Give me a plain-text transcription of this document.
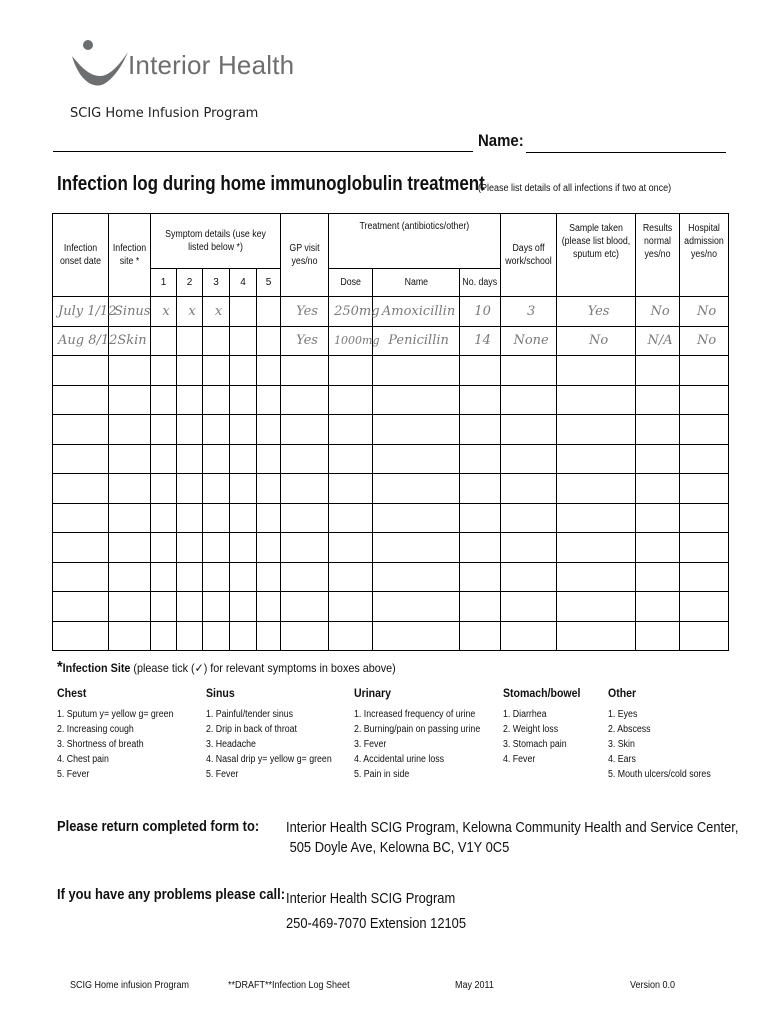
Interior Health
SCIG Home Infusion Program
Name:
Infection log during home immunoglobulin treatment
(Please list details of all infections if two at once)
Infection onset date	Infection site *	Symptom details (use key listed below *)					GP visit yes/no	Treatment (antibiotics/other)			Days off work/school	Sample taken (please list blood, sputum etc)	Results normal yes/no	Hospital admission yes/no
		1	2	3	4	5		Dose	Name	No. days				
July 1/12	Sinus	x	x	x			Yes	250mg	Amoxicillin	10	3	Yes	No	No
Aug 8/12	Skin						Yes	1000mg	Penicillin	14	None	No	N/A	No

*Infection Site (please tick (✓) for relevant symptoms in boxes above)
Chest
1. Sputum y= yellow g= green
2. Increasing cough
3. Shortness of breath
4. Chest pain
5. Fever
Sinus
1. Painful/tender sinus
2. Drip in back of throat
3. Headache
4. Nasal drip y= yellow g= green
5. Fever
Urinary
1. Increased frequency of urine
2. Burning/pain on passing urine
3. Fever
4. Accidental urine loss
5. Pain in side
Stomach/bowel
1. Diarrhea
2. Weight loss
3. Stomach pain
4. Fever
Other
1. Eyes
2. Abscess
3. Skin
4. Ears
5. Mouth ulcers/cold sores
Please return completed form to: Interior Health SCIG Program, Kelowna Community Health and Service Center,
505 Doyle Ave, Kelowna BC, V1Y 0C5
If you have any problems please call: Interior Health SCIG Program
250-469-7070 Extension 12105
SCIG Home infusion Program	**DRAFT**Infection Log Sheet	May 2011	Version 0.0
